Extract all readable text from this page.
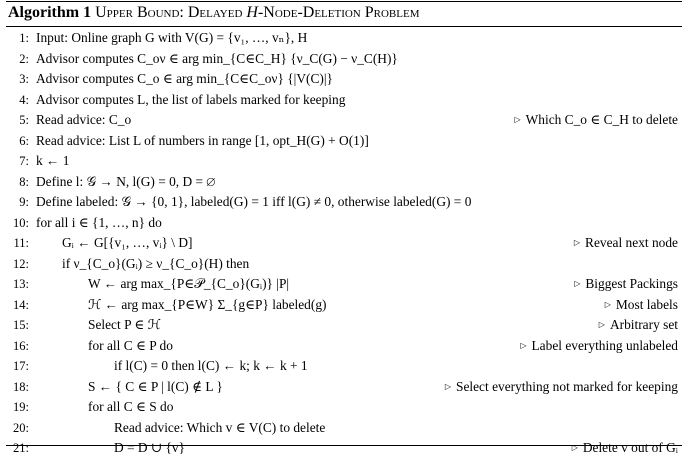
Algorithm 1 Upper Bound: Delayed H-Node-Deletion Problem
1: Input: Online graph G with V(G) = {v₁, …, vₙ}, H
2: Advisor computes C_oν ∈ arg min_{C∈C_H} {ν_C(G) − ν_C(H)}
3: Advisor computes C_o ∈ arg min_{C∈C_oν} {|V(C)|}
4: Advisor computes L, the list of labels marked for keeping
5: Read advice: C_o	▷ Which C_o ∈ C_H to delete
6: Read advice: List L of numbers in range [1, opt_H(G) + O(1)]
7: k ← 1
8: Define l: 𝒢 → N, l(G) = 0, D = ∅
9: Define labeled: 𝒢 → {0, 1}, labeled(G) = 1 iff l(G) ≠ 0, otherwise labeled(G) = 0
10: for all i ∈ {1, …, n} do
11: Gᵢ ← G[{v₁, …, vᵢ} \ D]	▷ Reveal next node
12: if ν_{C_o}(Gᵢ) ≥ ν_{C_o}(H) then
13:	W ← arg max_{P∈𝒫_{C_o}(Gᵢ)} |P|	▷ Biggest Packings
14:	ℋ ← arg max_{P∈W} Σ_{g∈P} labeled(g)	▷ Most labels
15:	Select P ∈ ℋ	▷ Arbitrary set
16:	for all C ∈ P do	▷ Label everything unlabeled
17:	if l(C) = 0 then l(C) ← k; k ← k + 1
18:	S ← { C ∈ P | l(C) ∉ L }	▷ Select everything not marked for keeping
19:	for all C ∈ S do
20:	Read advice: Which v ∈ V(C) to delete
21:	D = D ∪ {v}	▷ Delete v out of Gᵢ
